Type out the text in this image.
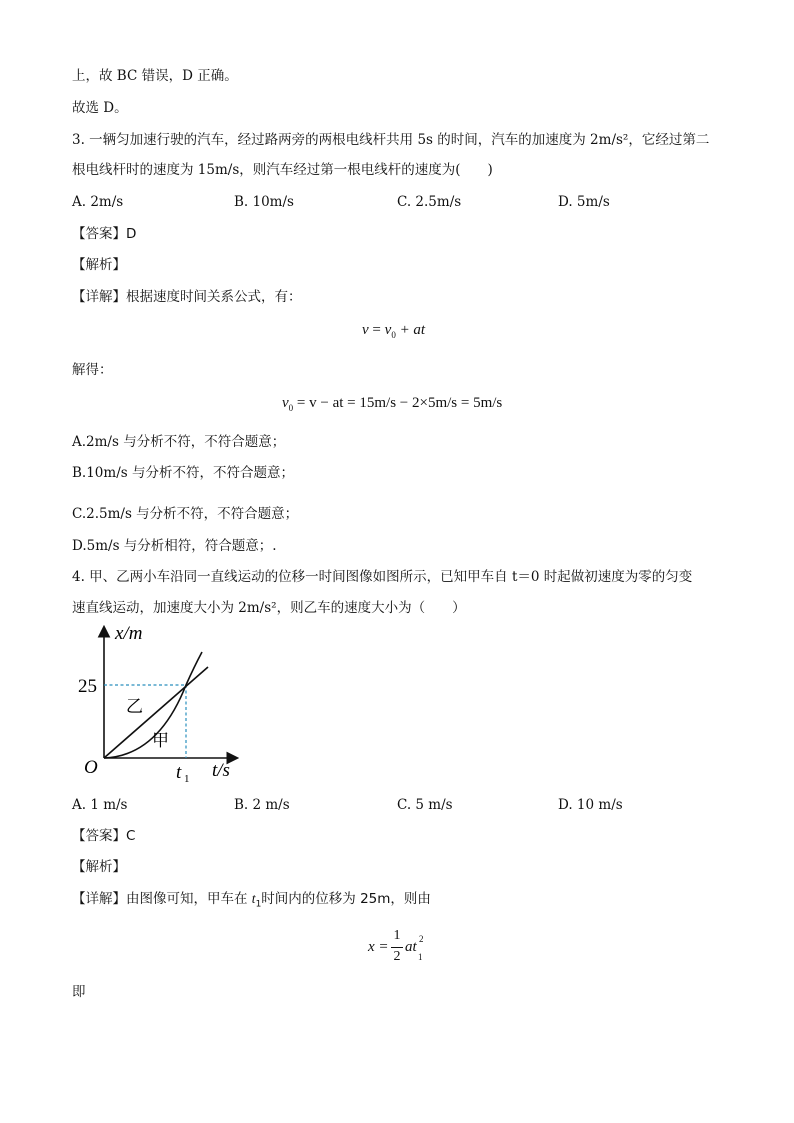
上，故 BC 错误，D 正确。
故选 D。
3. 一辆匀加速行驶的汽车，经过路两旁的两根电线杆共用 5s 的时间，汽车的加速度为 2m/s²，它经过第二
根电线杆时的速度为 15m/s，则汽车经过第一根电线杆的速度为(　　)
A. 2m/s	B. 10m/s	C. 2.5m/s	D. 5m/s
【答案】D
【解析】
【详解】根据速度时间关系公式，有：
$v = v_0$ + at
解得：
$v_0 = v$ − at = 15m/s − 2×5m/s = 5m/s
A.2m/s 与分析不符，不符合题意；
B.10m/s 与分析不符，不符合题意；
C.2.5m/s 与分析不符，不符合题意；
D.5m/s 与分析相符，符合题意；.
4. 甲、乙两小车沿同一直线运动的位移一时间图像如图所示，已知甲车自 t＝0 时起做初速度为零的匀变
速直线运动，加速度大小为 2m/s²，则乙车的速度大小为（　　）
x/m
25
O	t 1 t/s
乙
甲
A. 1 m/s	B. 2 m/s	C. 5 m/s	D. 10 m/s
【答案】C
【解析】
【详解】由图像可知，甲车在 $t_1$时间内的位移为 25m，则由
x =
1
2
at
1
2
即
